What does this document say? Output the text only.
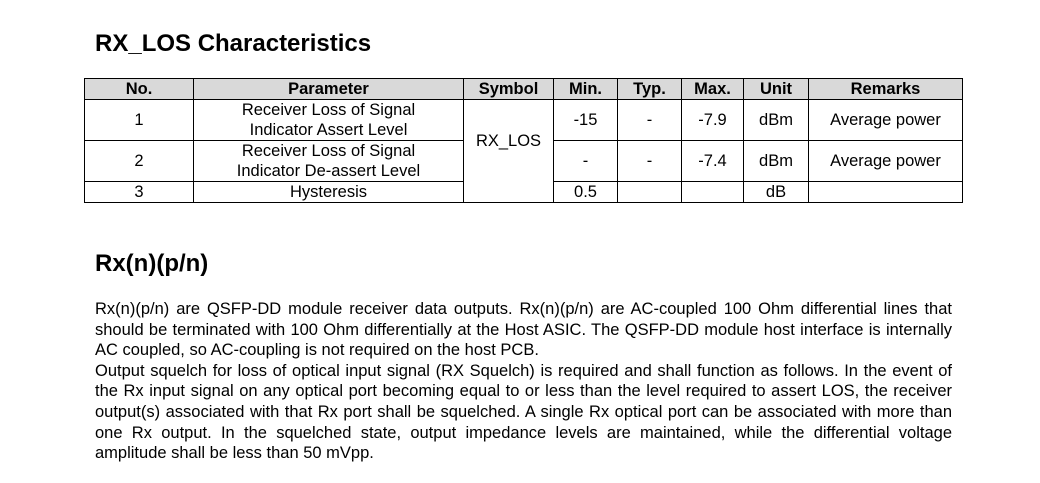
RX_LOS Characteristics
No.	Parameter	Symbol	Min.	Typ.	Max.	Unit	Remarks
1	Receiver Loss of Signal
Indicator Assert Level	RX_LOS	-15	-	-7.9	dBm	Average power
2	Receiver Loss of Signal
Indicator De-assert Level		-	-	-7.4	dBm	Average power
3	Hysteresis		0.5			dB	
Rx(n)(p/n)

Rx(n)(p/n) are QSFP-DD module receiver data outputs. Rx(n)(p/n) are AC-coupled 100 Ohm differential lines that should be terminated with 100 Ohm differentially at the Host ASIC. The QSFP-DD module host interface is internally AC coupled, so AC-coupling is not required on the host PCB.

Output squelch for loss of optical input signal (RX Squelch) is required and shall function as follows. In the event of the Rx input signal on any optical port becoming equal to or less than the level required to assert LOS, the receiver output(s) associated with that Rx port shall be squelched. A single Rx optical port can be associated with more than one Rx output. In the squelched state, output impedance levels are maintained, while the differential voltage amplitude shall be less than 50 mVpp.
